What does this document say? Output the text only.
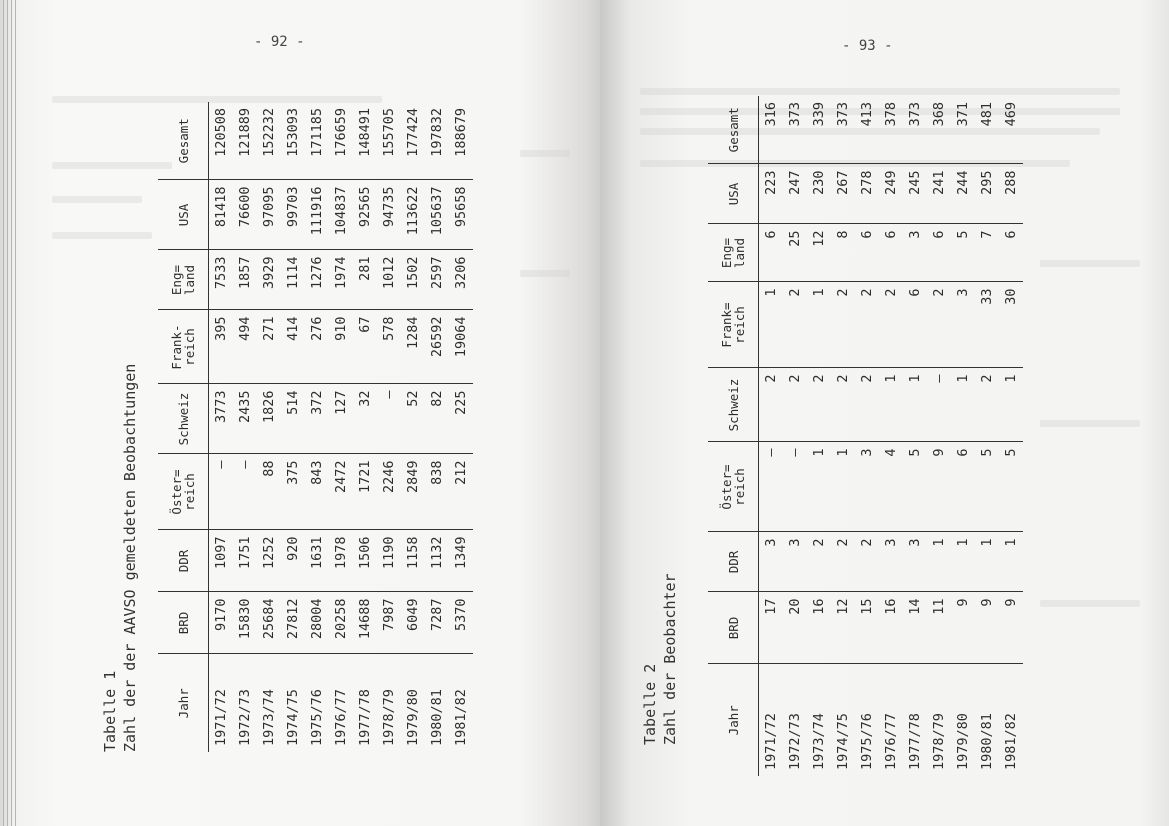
- 92 -
Tabelle 1 Zahl der der AAVSO gemeldeten Beobachtungen	Jahr	BRD	DDR	Öster=
reich	Schweiz	Frank-
reich	Eng=
land	USA	Gesamt
1971/72	9170	1097	–	3773	395	7533	81418	120508
1972/73	15830	1751	–	2435	494	1857	76600	121889
1973/74	25684	1252	88	1826	271	3929	97095	152232
1974/75	27812	920	375	514	414	1114	99703	153093
1975/76	28004	1631	843	372	276	1276	111916	171185
1976/77	20258	1978	2472	127	910	1974	104837	176659
1977/78	14688	1506	1721	32	67	281	92565	148491
1978/79	7987	1190	2246	–	578	1012	94735	155705
1979/80	6049	1158	2849	52	1284	1502	113622	177424
1980/81	7287	1132	838	82	26592	2597	105637	197832
1981/82	5370	1349	212	225	19064	3206	95658	188679
- 93 -
Tabelle 2 Zahl der Beobachter	Jahr	BRD	DDR	Öster=
reich	Schweiz	Frank=
reich	Eng=
land	USA	Gesamt
1971/72	17	3	–	2	1	6	223	316
1972/73	20	3	–	2	2	25	247	373
1973/74	16	2	1	2	1	12	230	339
1974/75	12	2	1	2	2	8	267	373
1975/76	15	2	3	2	2	6	278	413
1976/77	16	3	4	1	2	6	249	378
1977/78	14	3	5	1	6	3	245	373
1978/79	11	1	9	–	2	6	241	368
1979/80	9	1	6	1	3	5	244	371
1980/81	9	1	5	2	33	7	295	481
1981/82	9	1	5	1	30	6	288	469
